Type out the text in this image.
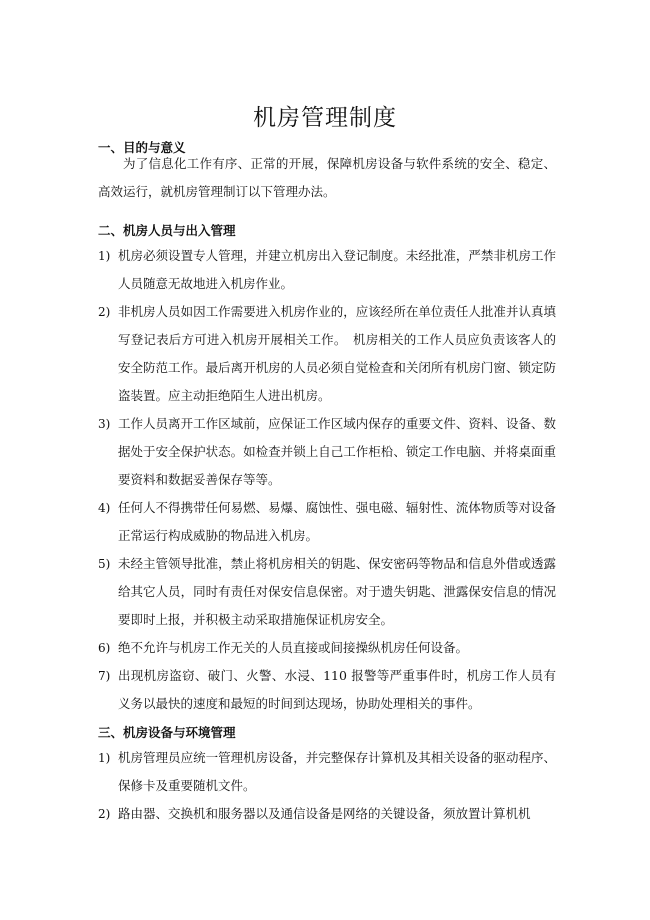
机房管理制度
一、目的与意义

为了信息化工作有序、正常的开展，保障机房设备与软件系统的安全、稳定、高效运行，就机房管理制订以下管理办法。

二、机房人员与出入管理
1) 机房必须设置专人管理，并建立机房出入登记制度。未经批准，严禁非机房工作人员随意无故地进入机房作业。
2) 非机房人员如因工作需要进入机房作业的，应该经所在单位责任人批准并认真填写登记表后方可进入机房开展相关工作。　机房相关的工作人员应负责该客人的安全防范工作。最后离开机房的人员必须自觉检查和关闭所有机房门窗、锁定防盗装置。应主动拒绝陌生人进出机房。
3) 工作人员离开工作区域前，应保证工作区域内保存的重要文件、资料、设备、数据处于安全保护状态。如检查并锁上自己工作柜柗、锁定工作电脑、并将桌面重要资料和数据妥善保存等等。
4) 任何人不得携带任何易燃、易爆、腐蚀性、强电磁、辐射性、流体物质等对设备正常运行构成威胁的物品进入机房。
5) 未经主管领导批准，禁止将机房相关的钥匙、保安密码等物品和信息外借或透露给其它人员，同时有责任对保安信息保密。对于遗失钥匙、泄露保安信息的情况要即时上报，并积极主动采取措施保证机房安全。
6) 绝不允许与机房工作无关的人员直接或间接操纵机房任何设备。
7) 出现机房盗窃、破门、火警、水浸、110 报警等严重事件时，机房工作人员有义务以最快的速度和最短的时间到达现场，协助处理相关的事件。
三、机房设备与环境管理
1) 机房管理员应统一管理机房设备，并完整保存计算机及其相关设备的驱动程序、保修卡及重要随机文件。
2) 路由器、交换机和服务器以及通信设备是网络的关键设备，须放置计算机机
